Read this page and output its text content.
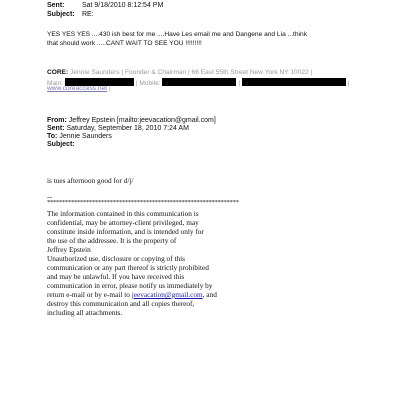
Sent: Sat 9/18/2010 8:12:54 PM
Subject: RE:
YES YES YES ....430 ish best for me ....Have Les email me and Dangene and Lia ...think
that should work .....CANT WAIT TO SEE YOU !!!!!!!!!
CORE: Jennie Saunders | Founder & Chairman | 66 East 55th Street New York NY 10022 |
Main:	| Mobile:	|	|
www.coreaccess.net |
From: Jeffrey Epstein [mailto:jeevacation@gmail.com]
Sent: Saturday, September 18, 2010 7:24 AM
To: Jennie Saunders
Subject:
is tues afternoon good for d/j/
--
****************************************************************
The information contained in this communication is
confidential, may be attorney-client privileged, may
constitute inside information, and is intended only for
the use of the addressee. It is the property of
Jeffrey Epstein
Unauthorized use, disclosure or copying of this
communication or any part thereof is strictly prohibited
and may be unlawful. If you have received this
communication in error, please notify us immediately by
return e-mail or by e-mail to jeevacation@gmail.com, and
destroy this communication and all copies thereof,
including all attachments.
